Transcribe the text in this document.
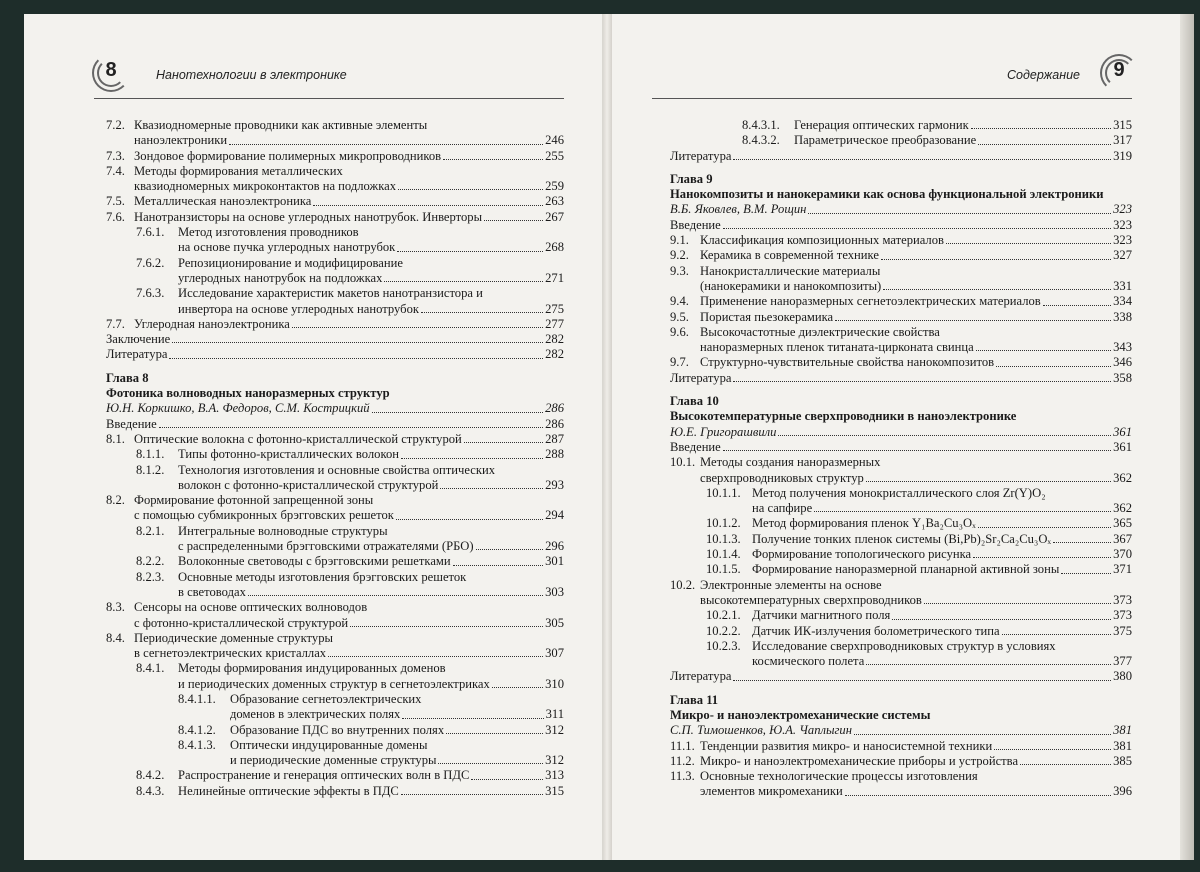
8	Нанотехнологии в электронике
7.2. Квазиодномерные проводники как активные элементы
наноэлектроники	246
7.3. Зондовое формирование полимерных микропроводников	255
7.4. Методы формирования металлических
квазиодномерных микроконтактов на подложках	259
7.5. Металлическая наноэлектроника	263
7.6. Нанотранзисторы на основе углеродных нанотрубок. Инверторы	267
7.6.1. Метод изготовления проводников
на основе пучка углеродных нанотрубок	268
7.6.2. Репозиционирование и модифицирование
углеродных нанотрубок на подложках	271
7.6.3. Исследование характеристик макетов нанотранзистора и
инвертора на основе углеродных нанотрубок	275
7.7. Углеродная наноэлектроника	277
Заключение	282
Литература	282
Глава 8
Фотоника волноводных наноразмерных структур
Ю.Н. Коркишко, В.А. Федоров, С.М. Кострицкий	286
Введение	286
8.1. Оптические волокна с фотонно-кристаллической структурой	287
8.1.1. Типы фотонно-кристаллических волокон	288
8.1.2. Технология изготовления и основные свойства оптических
волокон с фотонно-кристаллической структурой	293
8.2. Формирование фотонной запрещенной зоны
с помощью субмикронных брэгговских решеток	294
8.2.1. Интегральные волноводные структуры
с распределенными брэгговскими отражателями (РБО)	296
8.2.2. Волоконные световоды с брэгговскими решетками	301
8.2.3. Основные методы изготовления брэгговских решеток
в световодах	303
8.3. Сенсоры на основе оптических волноводов
с фотонно-кристаллической структурой	305
8.4. Периодические доменные структуры
в сегнетоэлектрических кристаллах	307
8.4.1. Методы формирования индуцированных доменов
и периодических доменных структур в сегнетоэлектриках	310
8.4.1.1. Образование сегнетоэлектрических
доменов в электрических полях	311
8.4.1.2. Образование ПДС во внутренних полях	312
8.4.1.3. Оптически индуцированные домены
и периодические доменные структуры	312
8.4.2. Распространение и генерация оптических волн в ПДС	313
8.4.3. Нелинейные оптические эффекты в ПДС	315
Содержание	9
8.4.3.1. Генерация оптических гармоник	315
8.4.3.2. Параметрическое преобразование	317
Литература	319
Глава 9
Нанокомпозиты и нанокерамики как основа функциональной электроники
В.Б. Яковлев, В.М. Рощин	323
Введение	323
9.1. Классификация композиционных материалов	323
9.2. Керамика в современной технике	327
9.3. Нанокристаллические материалы
(нанокерамики и нанокомпозиты)	331
9.4. Применение наноразмерных сегнетоэлектрических материалов	334
9.5. Пористая пьезокерамика	338
9.6. Высокочастотные диэлектрические свойства
наноразмерных пленок титаната-цирконата свинца	343
9.7. Структурно-чувствительные свойства нанокомпозитов	346
Литература	358
Глава 10
Высокотемпературные сверхпроводники в наноэлектронике
Ю.Е. Григорашвили	361
Введение	361
10.1. Методы создания наноразмерных
сверхпроводниковых структур	362
10.1.1. Метод получения монокристаллического слоя Zr(Y)O₂
на сапфире	362
10.1.2. Метод формирования пленок Y₁Ba₂Cu₃Oₓ	365
10.1.3. Получение тонких пленок системы (Bi,Pb)₂Sr₂Ca₂Cu₃Oₓ	367
10.1.4. Формирование топологического рисунка	370
10.1.5. Формирование наноразмерной планарной активной зоны	371
10.2. Электронные элементы на основе
высокотемпературных сверхпроводников	373
10.2.1. Датчики магнитного поля	373
10.2.2. Датчик ИК-излучения болометрического типа	375
10.2.3. Исследование сверхпроводниковых структур в условиях
космического полета	377
Литература	380
Глава 11
Микро- и наноэлектромеханические системы
С.П. Тимошенков, Ю.А. Чаплыгин	381
11.1. Тенденции развития микро- и наносистемной техники	381
11.2. Микро- и наноэлектромеханические приборы и устройства	385
11.3. Основные технологические процессы изготовления
элементов микромеханики	396
